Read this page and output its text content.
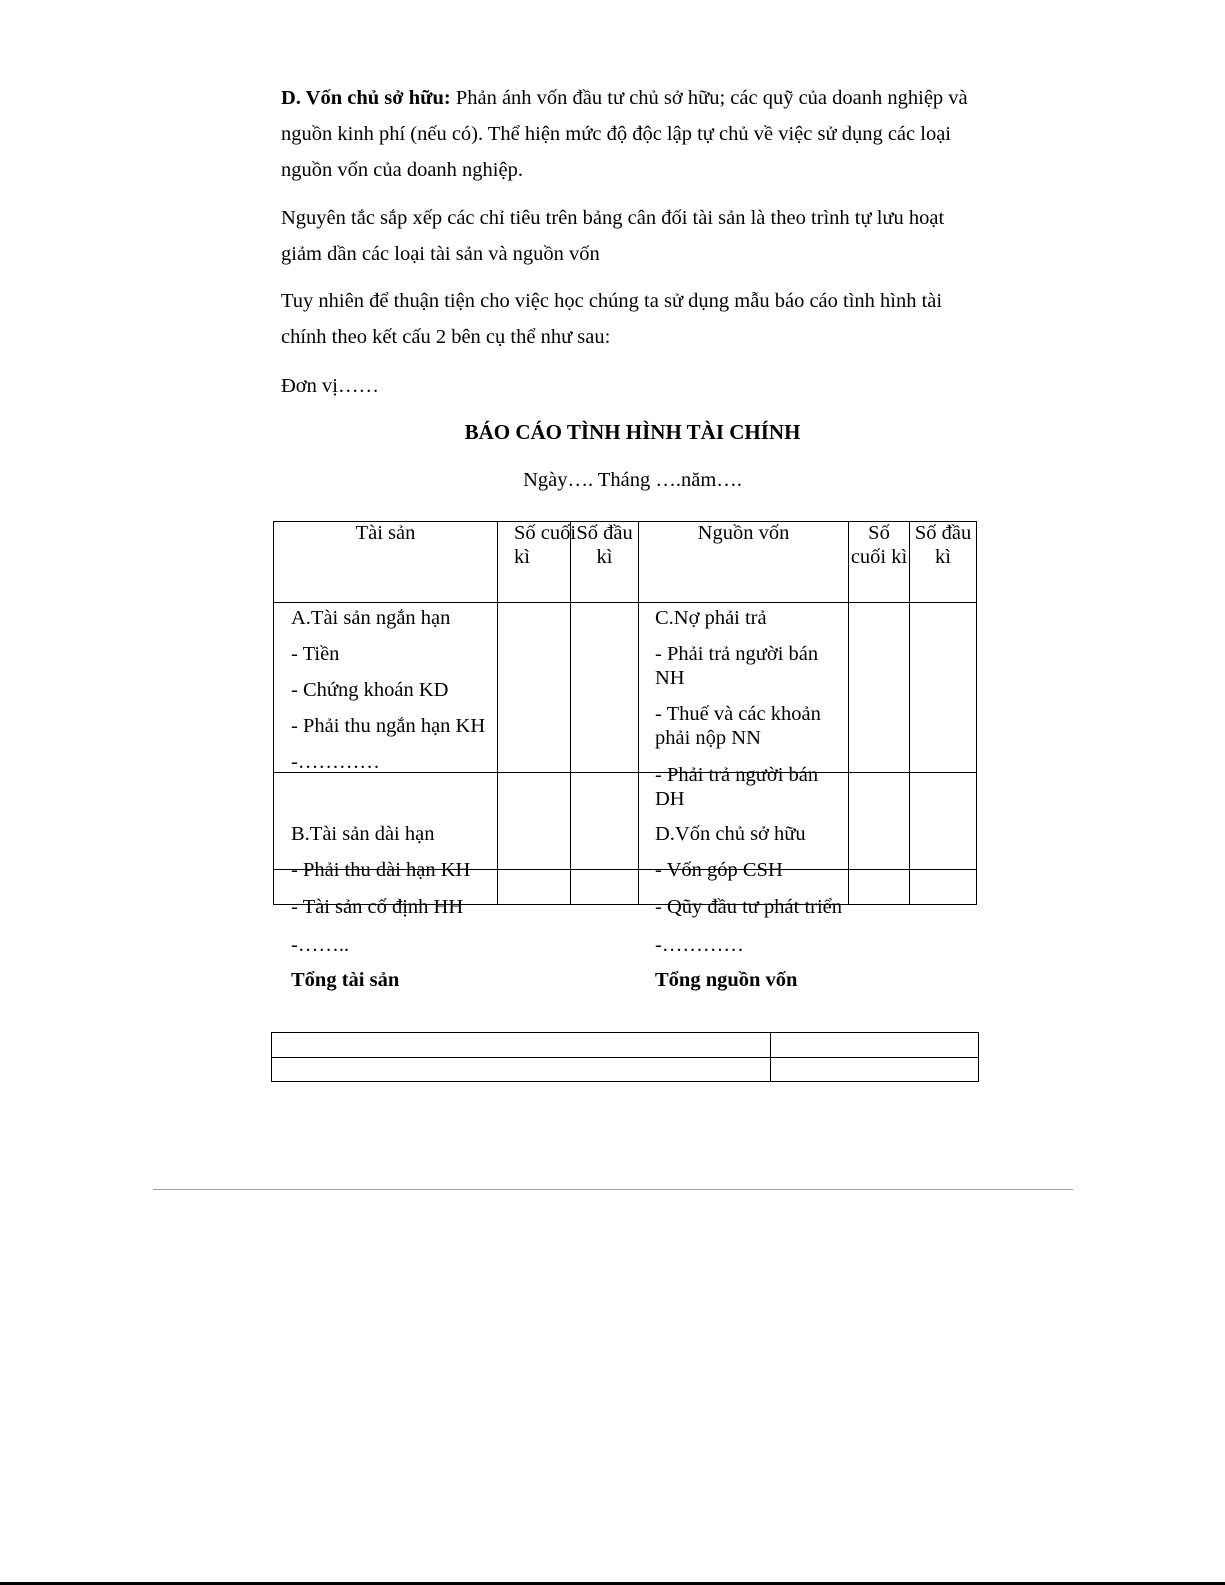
D. Vốn chủ sở hữu: Phản ánh vốn đầu tư chủ sở hữu; các quỹ của doanh nghiệp và nguồn kinh phí (nếu có). Thể hiện mức độ độc lập tự chủ về việc sử dụng các loại nguồn vốn của doanh nghiệp.

Nguyên tắc sắp xếp các chỉ tiêu trên bảng cân đối tài sản là theo trình tự lưu hoạt giảm dần các loại tài sản và nguồn vốn

Tuy nhiên để thuận tiện cho việc học chúng ta sử dụng mẫu báo cáo tình hình tài chính theo kết cấu 2 bên cụ thể như sau:

Đơn vị……

BÁO CÁO TÌNH HÌNH TÀI CHÍNH

Ngày…. Tháng ….năm….

Tài sản	Số cuối kì
Số đầu kì
Nguồn vốn	Số cuối kì
Số đầu kì
A.Tài sản ngắn hạn
- Tiền
- Chứng khoán KD
- Phải thu ngắn hạn KH
-…………
B.Tài sản dài hạn
- Phải thu dài hạn KH
- Tài sản cố định HH
-……..
Tổng tài sản
C.Nợ phải trả
- Phải trả người bán NH
- Thuế và các khoản phải nộp NN
- Phải trả người bán DH
D.Vốn chủ sở hữu
- Vốn góp CSH
- Qũy đầu tư phát triển
-…………
Tổng nguồn vốn
